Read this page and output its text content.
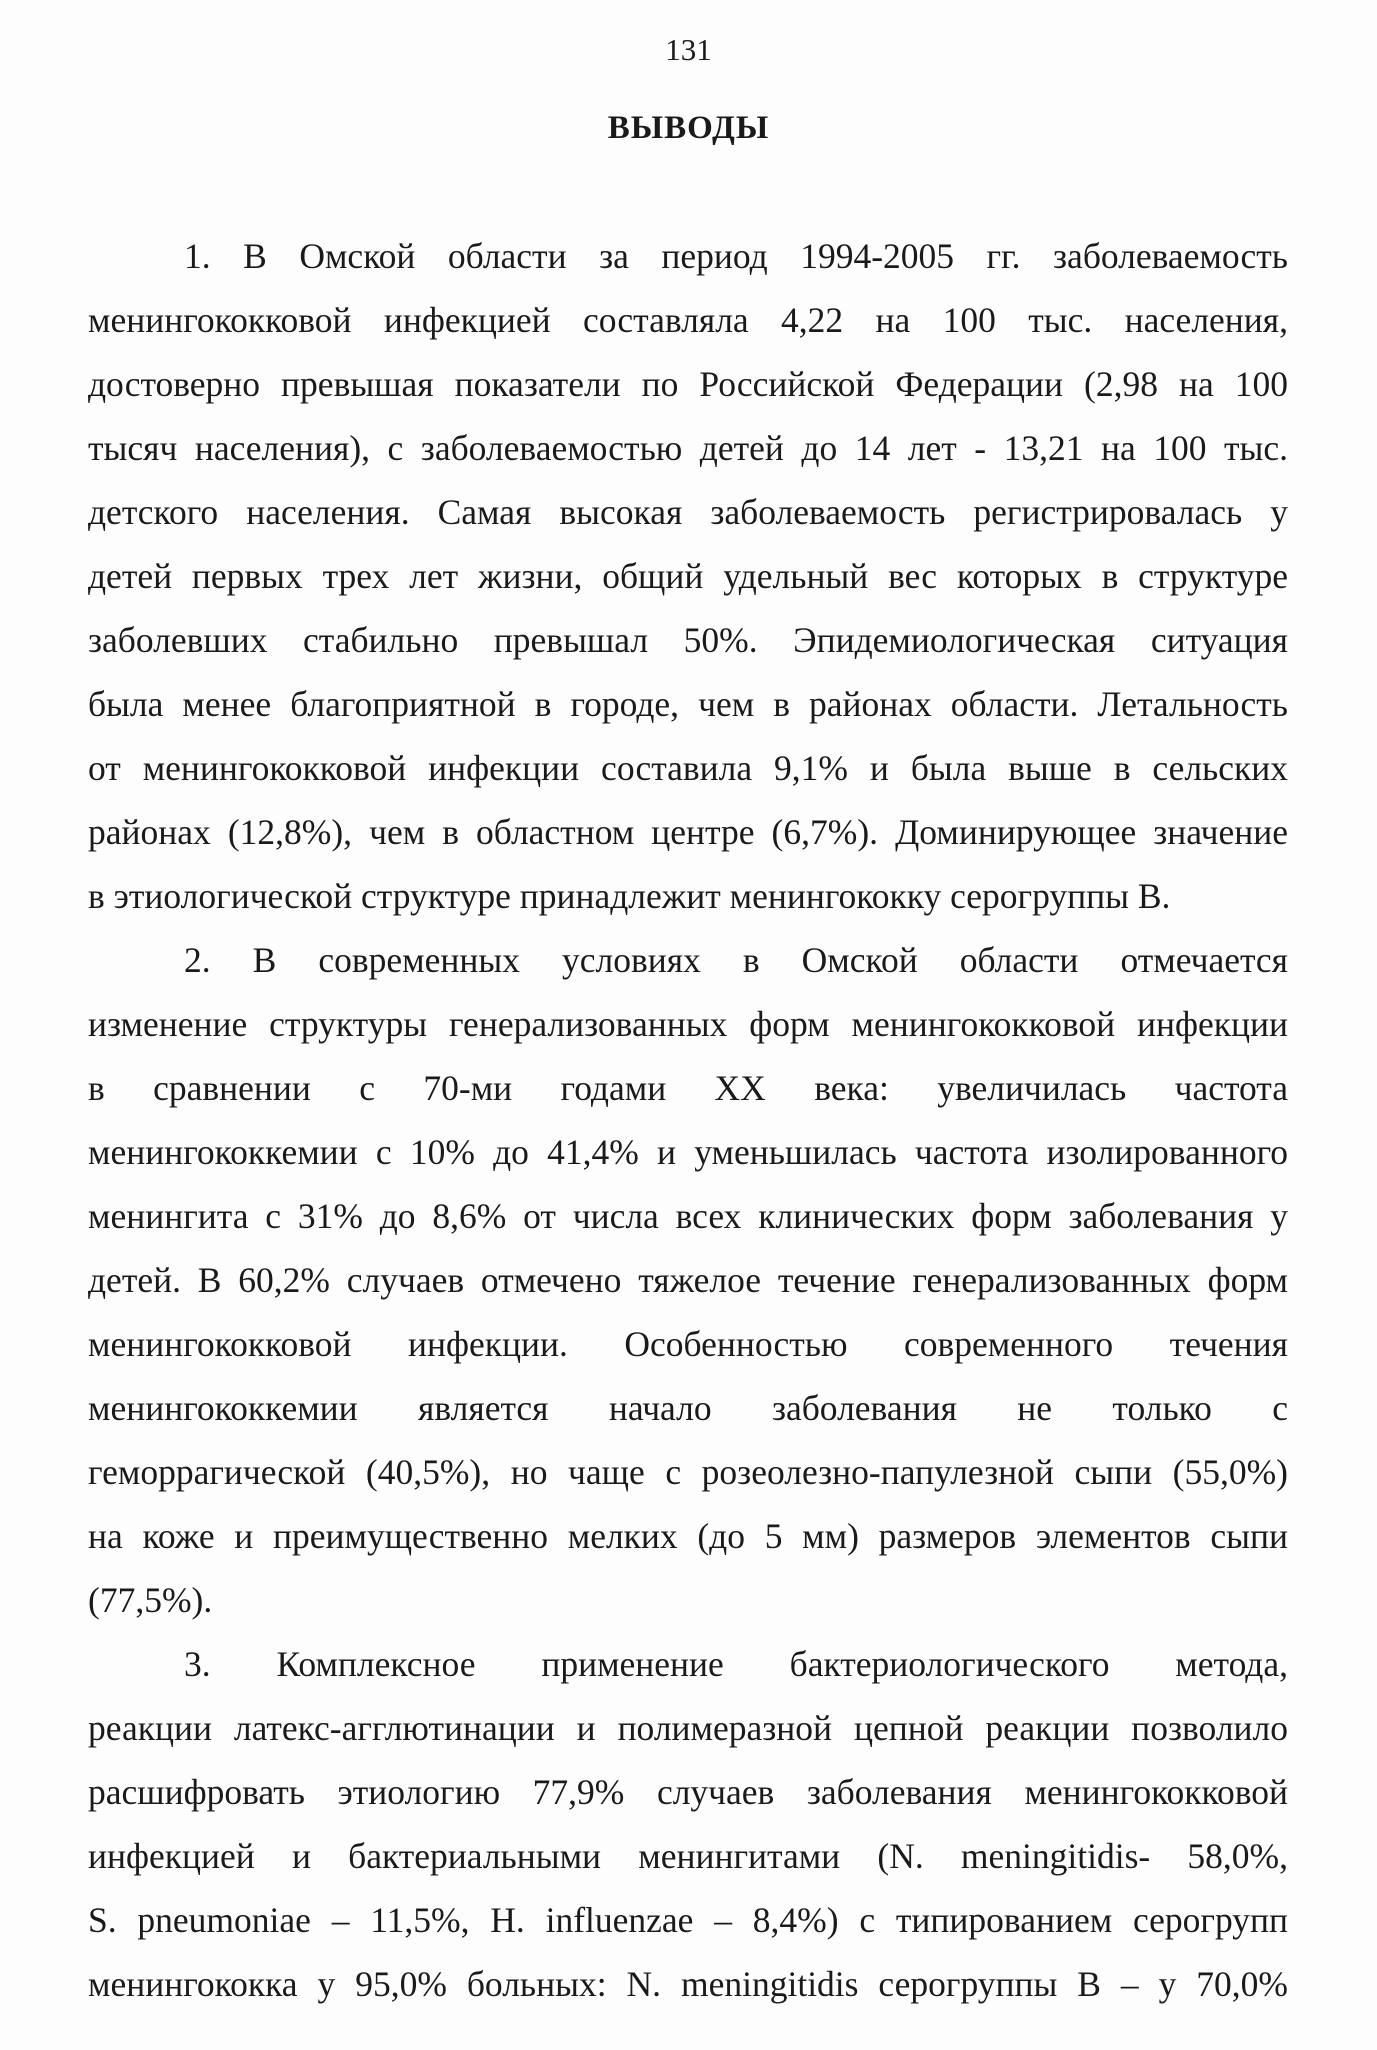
131
ВЫВОДЫ
1. В Омской области за период 1994-2005 гг. заболеваемость
менингококковой инфекцией составляла 4,22 на 100 тыс. населения,
достоверно превышая показатели по Российской Федерации (2,98 на 100
тысяч населения), с заболеваемостью детей до 14 лет - 13,21 на 100 тыс.
детского населения. Самая высокая заболеваемость регистрировалась у
детей первых трех лет жизни, общий удельный вес которых в структуре
заболевших стабильно превышал 50%. Эпидемиологическая ситуация
была менее благоприятной в городе, чем в районах области. Летальность
от менингококковой инфекции составила 9,1% и была выше в сельских
районах (12,8%), чем в областном центре (6,7%). Доминирующее значение
в этиологической структуре принадлежит менингококку серогруппы В.
2. В современных условиях в Омской области отмечается
изменение структуры генерализованных форм менингококковой инфекции
в сравнении с 70-ми годами XX века: увеличилась частота
менингококкемии с 10% до 41,4% и уменьшилась частота изолированного
менингита с 31% до 8,6% от числа всех клинических форм заболевания у
детей. В 60,2% случаев отмечено тяжелое течение генерализованных форм
менингококковой инфекции. Особенностью современного течения
менингококкемии является начало заболевания не только с
геморрагической (40,5%), но чаще с розеолезно-папулезной сыпи (55,0%)
на коже и преимущественно мелких (до 5 мм) размеров элементов сыпи
(77,5%).
3. Комплексное применение бактериологического метода,
реакции латекс-агглютинации и полимеразной цепной реакции позволило
расшифровать этиологию 77,9% случаев заболевания менингококковой
инфекцией и бактериальными менингитами (N. meningitidis- 58,0%,
S. pneumoniae – 11,5%, H. influenzae – 8,4%) с типированием серогрупп
менингококка у 95,0% больных: N. meningitidis серогруппы В – у 70,0%
